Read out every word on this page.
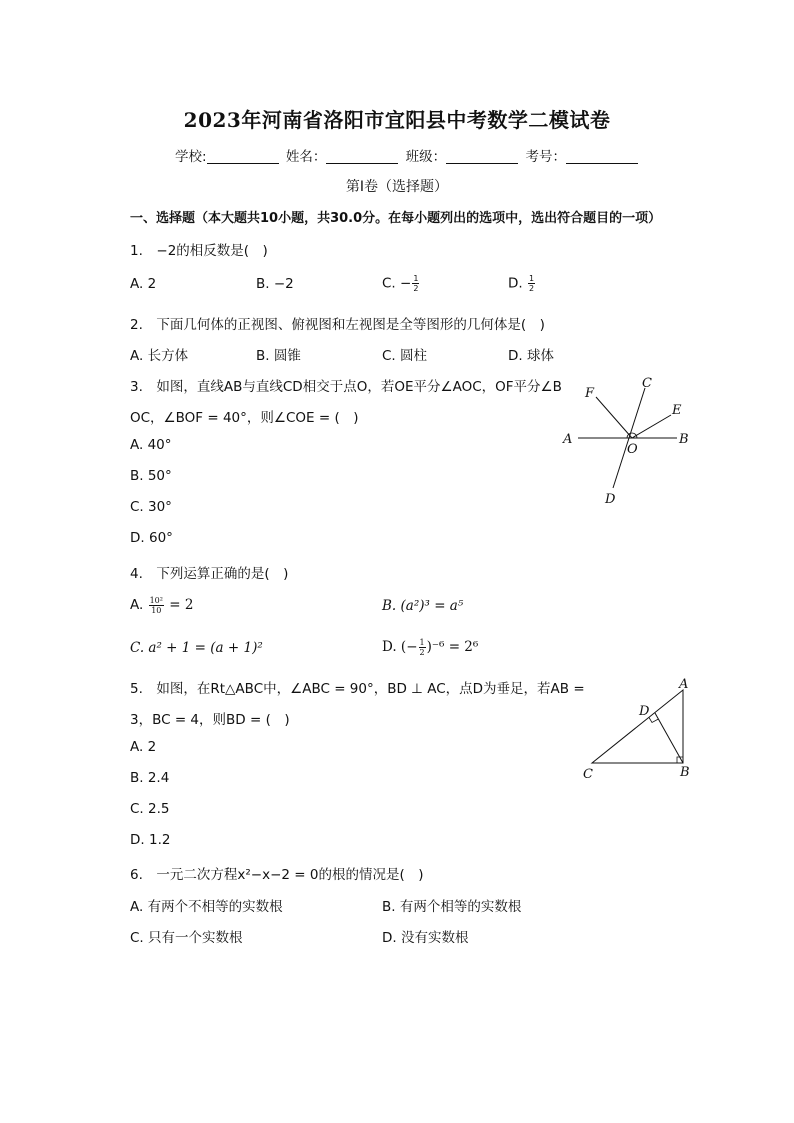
2023年河南省洛阳市宜阳县中考数学二模试卷
学校:	姓名：	班级：	考号：
第Ⅰ卷（选择题）
一、选择题（本大题共10小题，共30.0分。在每小题列出的选项中，选出符合题目的一项）
1.　−2的相反数是(　)
A. 2	B. −2	C. − $\frac{1}{2}$	D. $\frac{1}{2}$
2.　下面几何体的正视图、俯视图和左视图是全等图形的几何体是(　)
A. 长方体	B. 圆锥	C. 圆柱	D. 球体
3.　如图，直线AB与直线CD相交于点O，若OE平分∠AOC，OF平分∠B
OC，∠BOF = 40°，则∠COE = (　)
A. 40°
B. 50°
C. 30°
D. 60°
A	B
C
D
E
F
O
4.　下列运算正确的是(　)
A. $\frac{\text{10²}}{10} = 2$	B. (a²)³ = a⁵
C. a² + 1 = (a + 1)²	D. (− $\frac{1}{2} )^{-6} = 2^6$
5.　如图，在Rt△ABC中，∠ABC = 90°，BD ⊥ AC，点D为垂足，若AB =
3，BC = 4，则BD = (　)
A. 2
B. 2.4
C. 2.5
D. 1.2
A
B
C
D
6.　一元二次方程x²−x−2 = 0的根的情况是(　)
A. 有两个不相等的实数根	B. 有两个相等的实数根
C. 只有一个实数根	D. 没有实数根
